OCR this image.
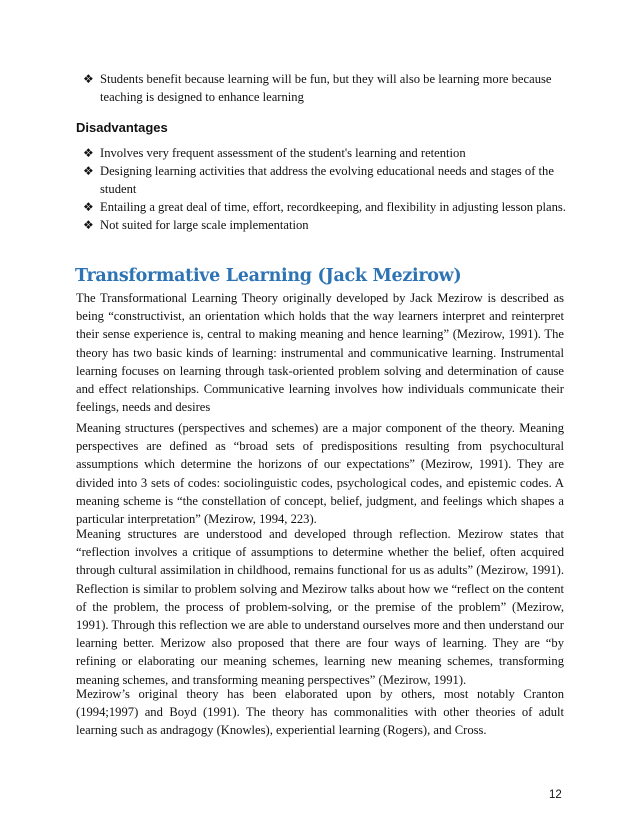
❖ Students benefit because learning will be fun, but they will also be learning more because teaching is designed to enhance learning
Disadvantages
❖ Involves very frequent assessment of the student's learning and retention
❖ Designing learning activities that address the evolving educational needs and stages of the student
❖ Entailing a great deal of time, effort, recordkeeping, and flexibility in adjusting lesson plans.
❖ Not suited for large scale implementation
Transformative Learning (Jack Mezirow)

The Transformational Learning Theory originally developed by Jack Mezirow is described as being “constructivist, an orientation which holds that the way learners interpret and reinterpret their sense experience is, central to making meaning and hence learning” (Mezirow, 1991). The theory has two basic kinds of learning: instrumental and communicative learning. Instrumental learning focuses on learning through task-oriented problem solving and determination of cause and effect relationships. Communicative learning involves how individuals communicate their feelings, needs and desires

Meaning structures (perspectives and schemes) are a major component of the theory. Meaning perspectives are defined as “broad sets of predispositions resulting from psychocultural assumptions which determine the horizons of our expectations” (Mezirow, 1991). They are divided into 3 sets of codes: sociolinguistic codes, psychological codes, and epistemic codes. A meaning scheme is “the constellation of concept, belief, judgment, and feelings which shapes a particular interpretation” (Mezirow, 1994, 223).

Meaning structures are understood and developed through reflection. Mezirow states that “reflection involves a critique of assumptions to determine whether the belief, often acquired through cultural assimilation in childhood, remains functional for us as adults” (Mezirow, 1991). Reflection is similar to problem solving and Mezirow talks about how we “reflect on the content of the problem, the process of problem-solving, or the premise of the problem” (Mezirow, 1991). Through this reflection we are able to understand ourselves more and then understand our learning better. Merizow also proposed that there are four ways of learning. They are “by refining or elaborating our meaning schemes, learning new meaning schemes, transforming meaning schemes, and transforming meaning perspectives” (Mezirow, 1991).

Mezirow’s original theory has been elaborated upon by others, most notably Cranton (1994;1997) and Boyd (1991). The theory has commonalities with other theories of adult learning such as andragogy (Knowles), experiential learning (Rogers), and Cross.

12
